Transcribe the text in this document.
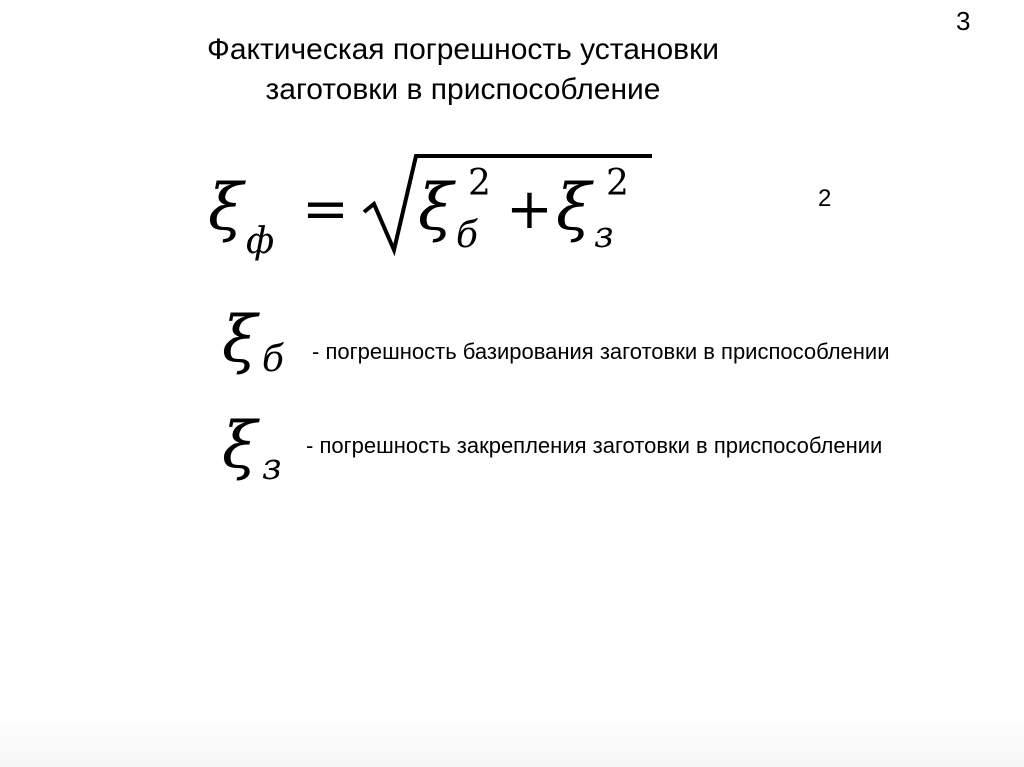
3
Фактическая погрешность установки
заготовки в приспособление
ξ ф = ξ б
2 + ξ з
2	2
ξ б - погрешность базирования заготовки в приспособлении
ξ з
- погрешность закрепления заготовки в приспособлении
